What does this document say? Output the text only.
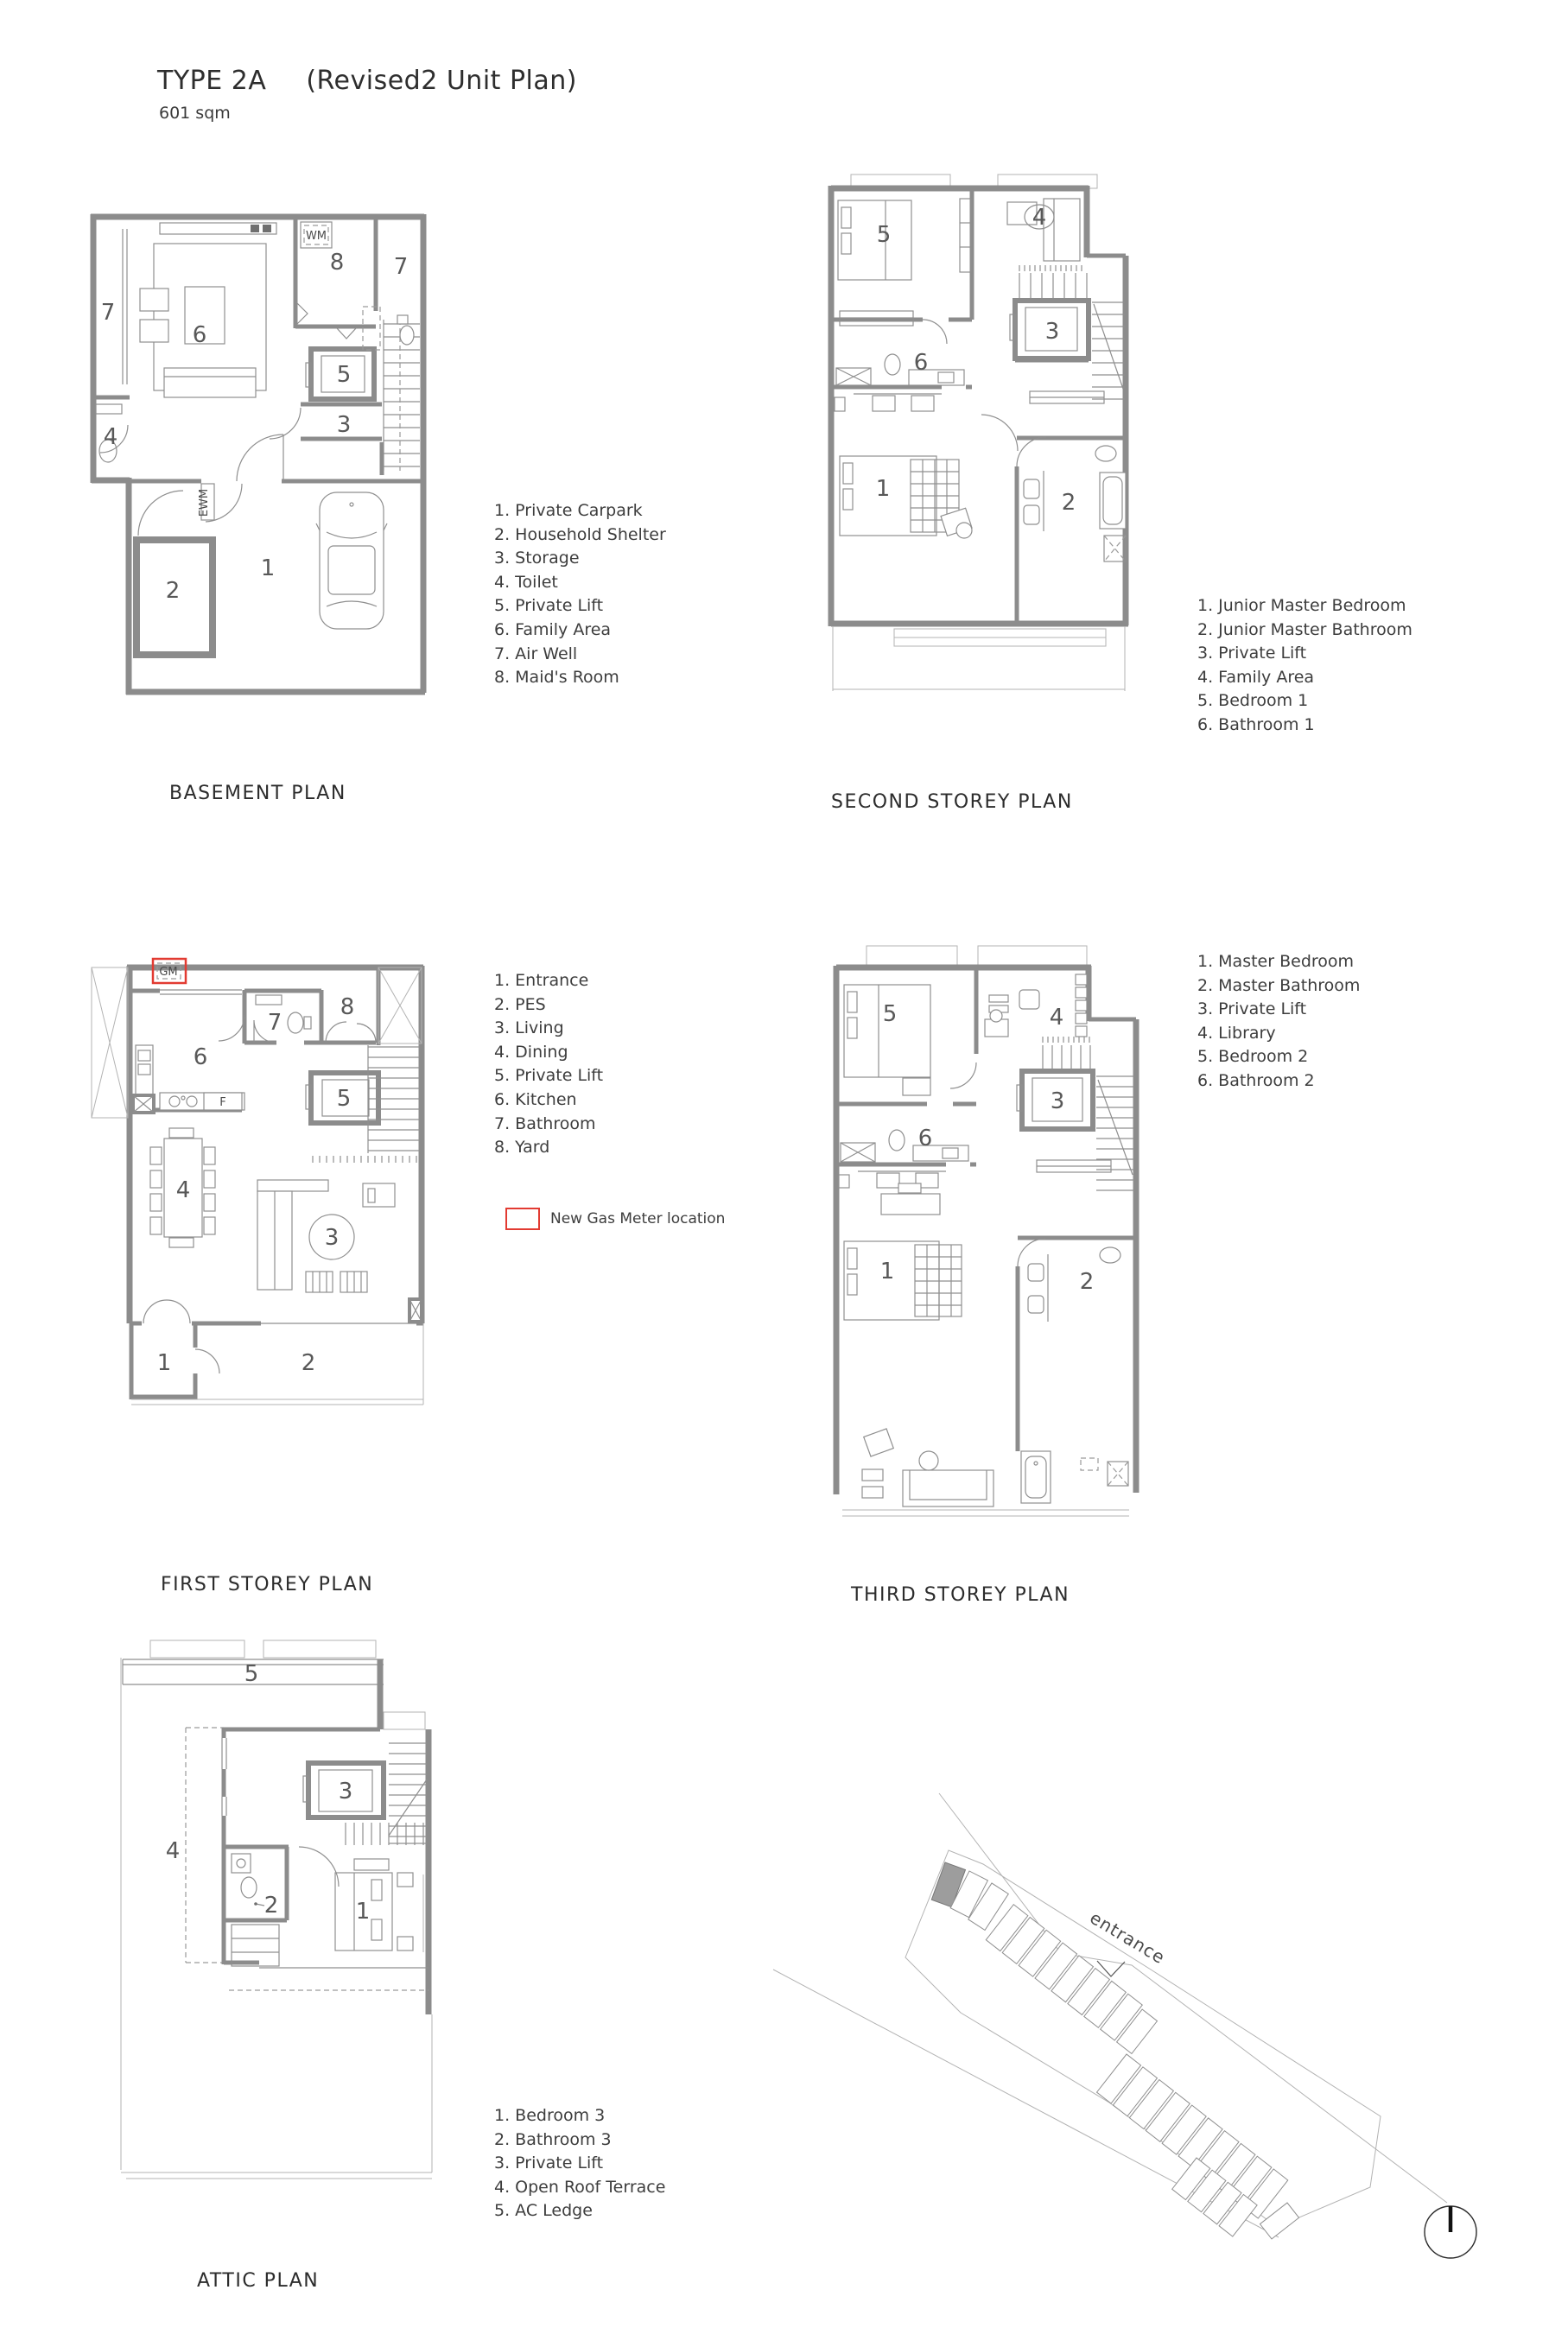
TYPE 2A (Revised2 Unit Plan)
601 sqm
EWM
WM
7
6
8 7
5
3
4
1
2
BASEMENT PLAN
1. Private Carpark
2. Household Shelter
3. Storage
4. Toilet
5. Private Lift
6. Family Area
7. Air Well
8. Maid's Room
5
4
3
6
1
2
SECOND STOREY PLAN
1. Junior Master Bedroom
2. Junior Master Bathroom
3. Private Lift
4. Family Area
5. Bedroom 1
6. Bathroom 1
GM
F
6
7
8
5
4
3
1	2
FIRST STOREY PLAN
1. Entrance
2. PES
3. Living
4. Dining
5. Private Lift
6. Kitchen
7. Bathroom
8. Yard
New Gas Meter location
5	4
3
6
1	2
THIRD STOREY PLAN
1. Master Bedroom
2. Master Bathroom
3. Private Lift
4. Library
5. Bedroom 2
6. Bathroom 2
5
4
3
2	1
ATTIC PLAN
1. Bedroom 3
2. Bathroom 3
3. Private Lift
4. Open Roof Terrace
5. AC Ledge
entrance
